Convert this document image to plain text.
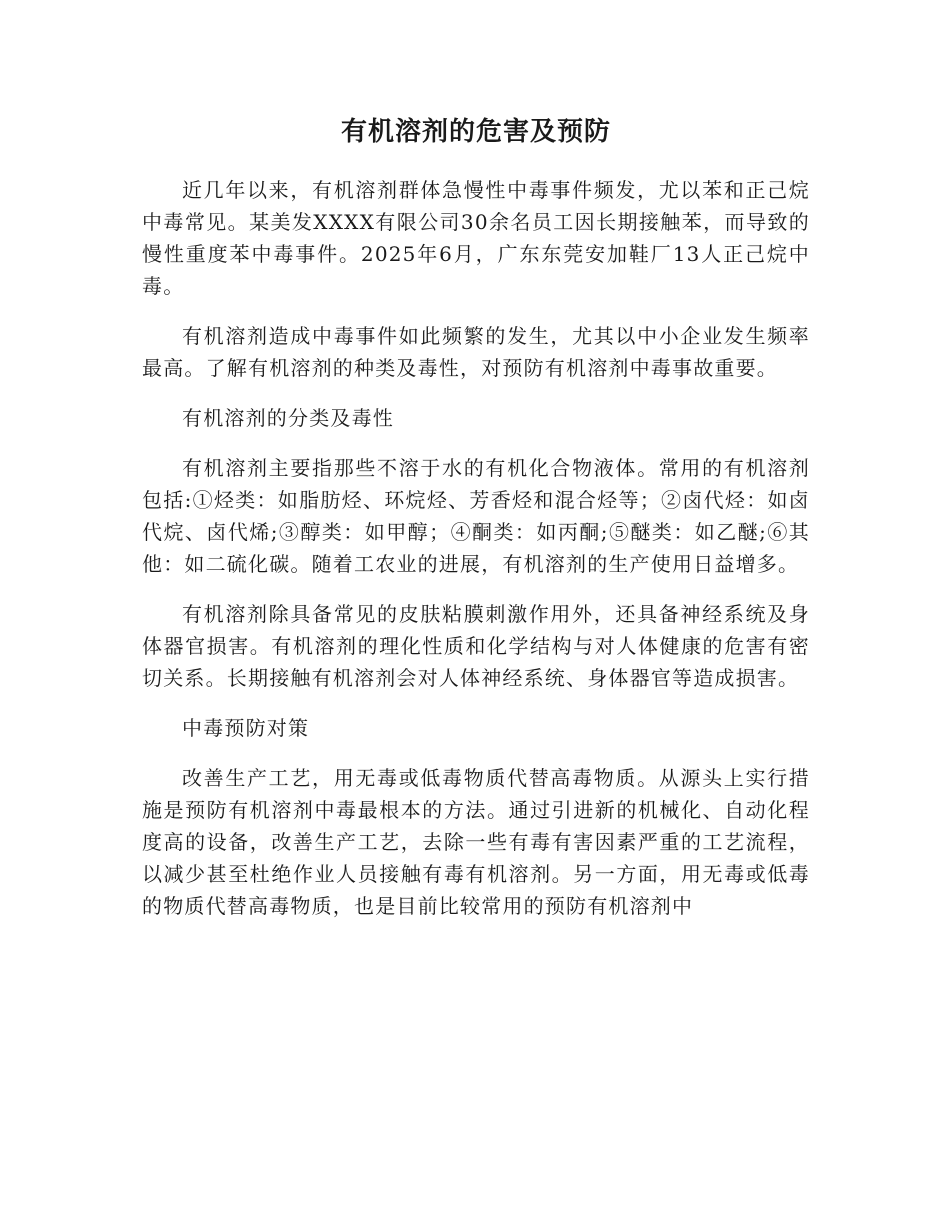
有机溶剂的危害及预防

近几年以来，有机溶剂群体急慢性中毒事件频发，尤以苯和正己烷中毒常见。某美发XXXX有限公司30余名员工因长期接触苯，而导致的慢性重度苯中毒事件。2025年6月，广东东莞安加鞋厂13人正己烷中毒。

有机溶剂造成中毒事件如此频繁的发生，尤其以中小企业发生频率最高。了解有机溶剂的种类及毒性，对预防有机溶剂中毒事故重要。

有机溶剂的分类及毒性

有机溶剂主要指那些不溶于水的有机化合物液体。常用的有机溶剂包括:①烃类：如脂肪烃、环烷烃、芳香烃和混合烃等；②卤代烃：如卤代烷、卤代烯;③醇类：如甲醇；④酮类：如丙酮;⑤醚类：如乙醚;⑥其他：如二硫化碳。随着工农业的进展，有机溶剂的生产使用日益增多。

有机溶剂除具备常见的皮肤粘膜刺激作用外，还具备神经系统及身体器官损害。有机溶剂的理化性质和化学结构与对人体健康的危害有密切关系。长期接触有机溶剂会对人体神经系统、身体器官等造成损害。

中毒预防对策

改善生产工艺，用无毒或低毒物质代替高毒物质。从源头上实行措施是预防有机溶剂中毒最根本的方法。通过引进新的机械化、自动化程度高的设备，改善生产工艺，去除一些有毒有害因素严重的工艺流程，以减少甚至杜绝作业人员接触有毒有机溶剂。另一方面，用无毒或低毒的物质代替高毒物质，也是目前比较常用的预防有机溶剂中
